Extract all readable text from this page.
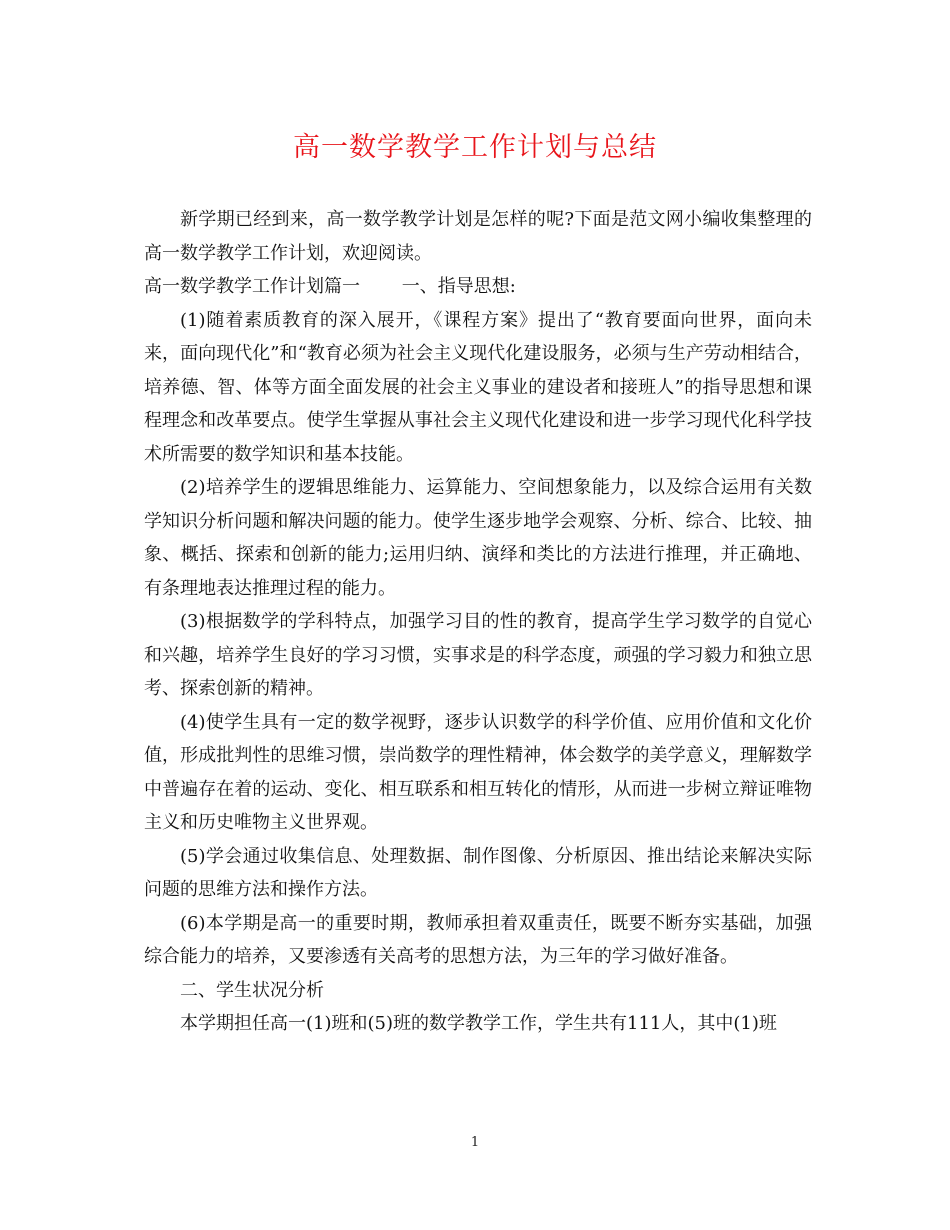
高一数学教学工作计划与总结

新学期已经到来，高一数学教学计划是怎样的呢?下面是范文网小编收集整理的高一数学教学工作计划，欢迎阅读。

高一数学教学工作计划篇一　　 一、指导思想:

(1)随着素质教育的深入展开，《课程方案》提出了“教育要面向世界，面向未来，面向现代化”和“教育必须为社会主义现代化建设服务，必须与生产劳动相结合，培养德、智、体等方面全面发展的社会主义事业的建设者和接班人”的指导思想和课程理念和改革要点。使学生掌握从事社会主义现代化建设和进一步学习现代化科学技术所需要的数学知识和基本技能。

(2)培养学生的逻辑思维能力、运算能力、空间想象能力，以及综合运用有关数学知识分析问题和解决问题的能力。使学生逐步地学会观察、分析、综合、比较、抽象、概括、探索和创新的能力;运用归纳、演绎和类比的方法进行推理，并正确地、有条理地表达推理过程的能力。

(3)根据数学的学科特点，加强学习目的性的教育，提高学生学习数学的自觉心和兴趣，培养学生良好的学习习惯，实事求是的科学态度，顽强的学习毅力和独立思考、探索创新的精神。

(4)使学生具有一定的数学视野，逐步认识数学的科学价值、应用价值和文化价值，形成批判性的思维习惯，崇尚数学的理性精神，体会数学的美学意义，理解数学中普遍存在着的运动、变化、相互联系和相互转化的情形，从而进一步树立辩证唯物主义和历史唯物主义世界观。

(5)学会通过收集信息、处理数据、制作图像、分析原因、推出结论来解决实际问题的思维方法和操作方法。

(6)本学期是高一的重要时期，教师承担着双重责任，既要不断夯实基础，加强综合能力的培养，又要渗透有关高考的思想方法，为三年的学习做好准备。

二、学生状况分析

本学期担任高一(1)班和(5)班的数学教学工作，学生共有111人，其中(1)班

1
